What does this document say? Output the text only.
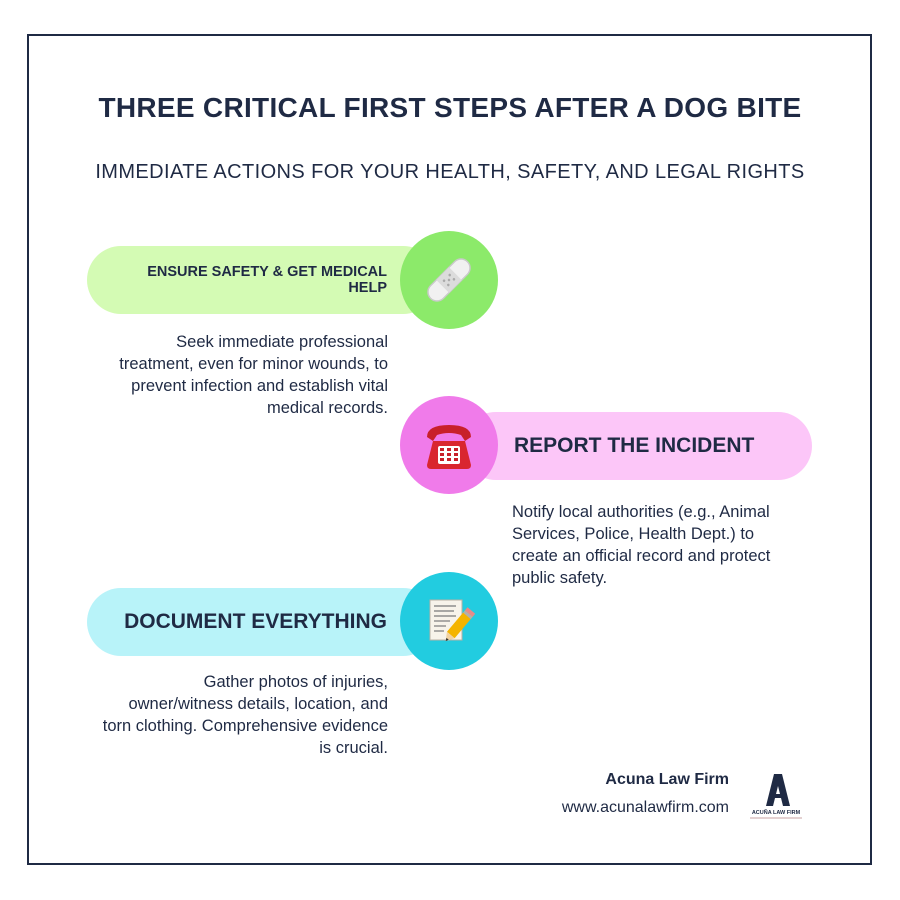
THREE CRITICAL FIRST STEPS AFTER A DOG BITE
IMMEDIATE ACTIONS FOR YOUR HEALTH, SAFETY, AND LEGAL RIGHTS
ENSURE SAFETY & GET MEDICAL HELP
Seek immediate professional treatment, even for minor wounds, to prevent infection and establish vital medical records.
REPORT THE INCIDENT
Notify local authorities (e.g., Animal Services, Police, Health Dept.) to create an official record and protect public safety.
DOCUMENT EVERYTHING
Gather photos of injuries, owner/witness details, location, and torn clothing. Comprehensive evidence is crucial.
Acuna Law Firm
www.acunalawfirm.com	ACUÑA LAW FIRM
